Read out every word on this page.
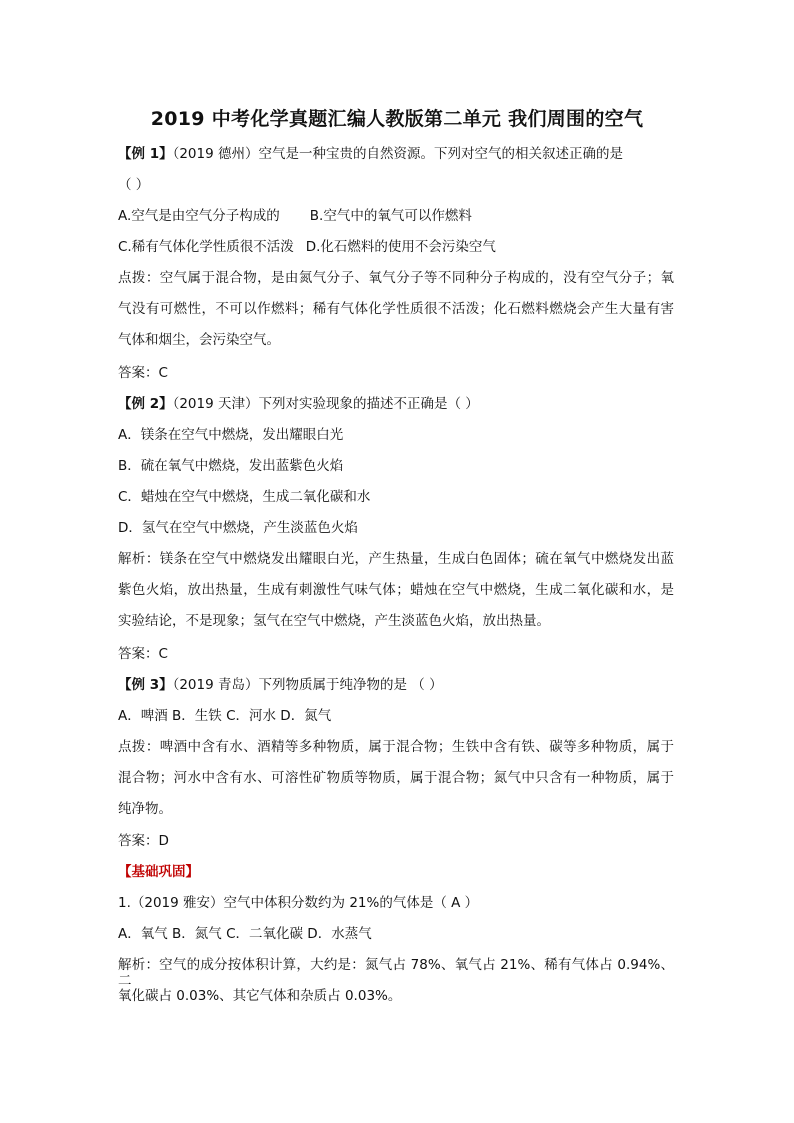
2019 中考化学真题汇编人教版第二单元 我们周围的空气
【例 1】（2019 德州）空气是一种宝贵的自然资源。下列对空气的相关叙述正确的是
（ ）
A.空气是由空气分子构成的 B.空气中的氧气可以作燃料
C.稀有气体化学性质很不活泼 D.化石燃料的使用不会污染空气
点拨：空气属于混合物，是由氮气分子、氧气分子等不同种分子构成的，没有空气分子；氧
气没有可燃性，不可以作燃料；稀有气体化学性质很不活泼；化石燃料燃烧会产生大量有害
气体和烟尘，会污染空气。
答案：C
【例 2】（2019 天津）下列对实验现象的描述不正确是（ ）
A．镁条在空气中燃烧，发出耀眼白光
B．硫在氧气中燃烧，发出蓝紫色火焰
C．蜡烛在空气中燃烧，生成二氧化碳和水
D．氢气在空气中燃烧，产生淡蓝色火焰
解析：镁条在空气中燃烧发出耀眼白光，产生热量，生成白色固体；硫在氧气中燃烧发出蓝
紫色火焰，放出热量，生成有刺激性气味气体；蜡烛在空气中燃烧，生成二氧化碳和水，是
实验结论，不是现象；氢气在空气中燃烧，产生淡蓝色火焰，放出热量。
答案：C
【例 3】（2019 青岛）下列物质属于纯净物的是 （ ）
A．啤酒 B．生铁 C．河水 D．氮气
点拨：啤酒中含有水、酒精等多种物质，属于混合物；生铁中含有铁、碳等多种物质，属于
混合物；河水中含有水、可溶性矿物质等物质，属于混合物；氮气中只含有一种物质，属于
纯净物。
答案：D
【基础巩固】
1.（2019 雅安）空气中体积分数约为 21%的气体是（ A ）
A．氧气 B．氮气 C．二氧化碳 D．水蒸气
解析：空气的成分按体积计算，大约是：氮气占 78%、氧气占 21%、稀有气体占 0.94%、二
氧化碳占 0.03%、其它气体和杂质占 0.03%。
